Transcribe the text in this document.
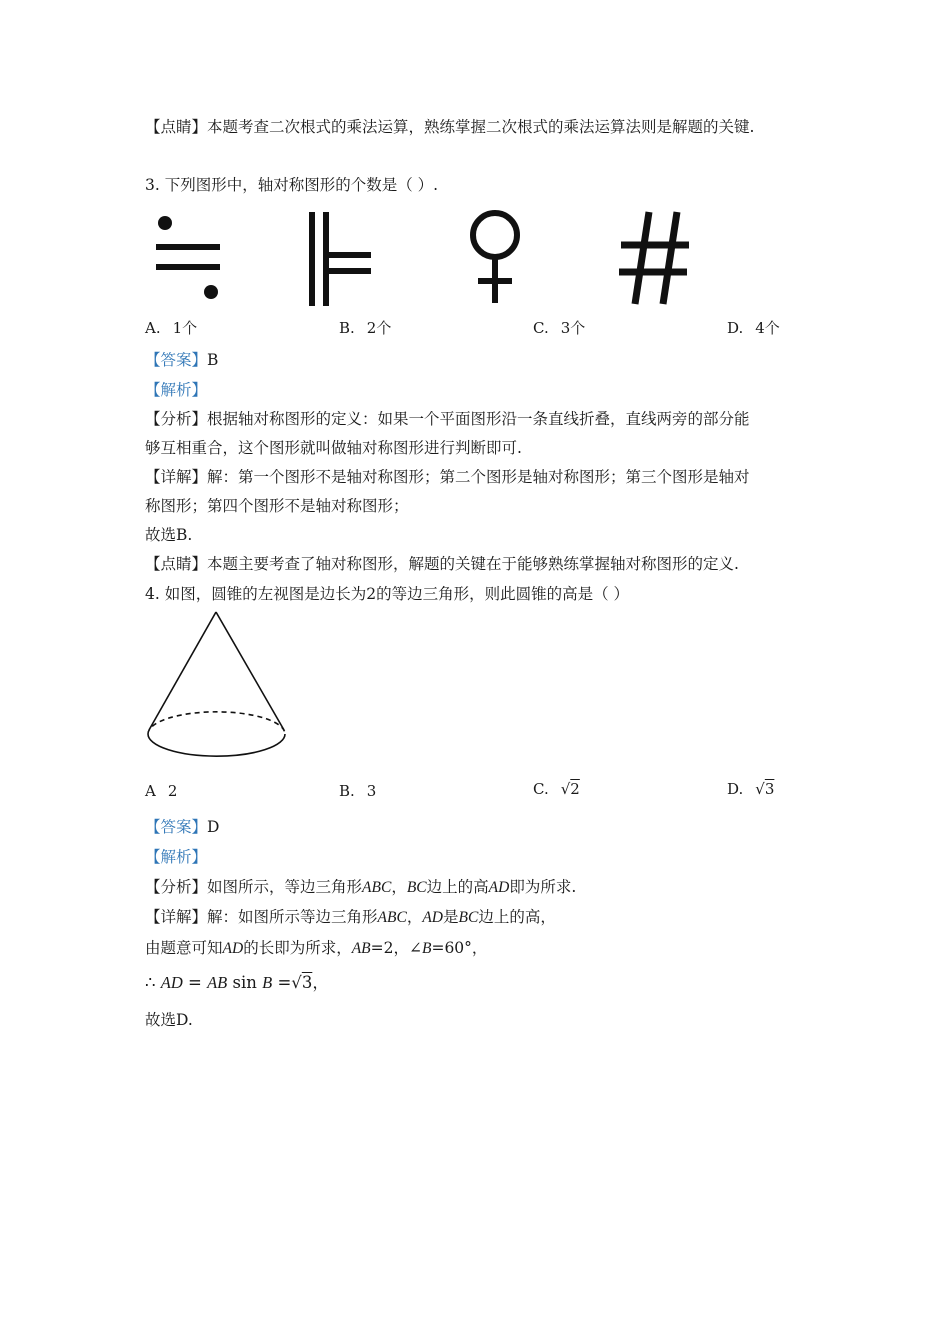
【点睛】本题考查二次根式的乘法运算，熟练掌握二次根式的乘法运算法则是解题的关键.
3. 下列图形中，轴对称图形的个数是（ ）.
A. 1个	B. 2个	C. 3个	D. 4个
【答案】B
【解析】
【分析】根据轴对称图形的定义：如果一个平面图形沿一条直线折叠，直线两旁的部分能
够互相重合，这个图形就叫做轴对称图形进行判断即可.
【详解】解：第一个图形不是轴对称图形；第二个图形是轴对称图形；第三个图形是轴对
称图形；第四个图形不是轴对称图形；
故选B.
【点睛】本题主要考查了轴对称图形，解题的关键在于能够熟练掌握轴对称图形的定义.
4. 如图，圆锥的左视图是边长为2的等边三角形，则此圆锥的高是（ ）
A 2	B. 3	C. √2	D. √3
【答案】D
【解析】
【分析】如图所示，等边三角形ABC，BC边上的高AD即为所求.
【详解】解：如图所示等边三角形ABC，AD是BC边上的高，
由题意可知AD的长即为所求，AB=2，∠B=60°，
∴ AD = AB sin B =√3，
故选D.
